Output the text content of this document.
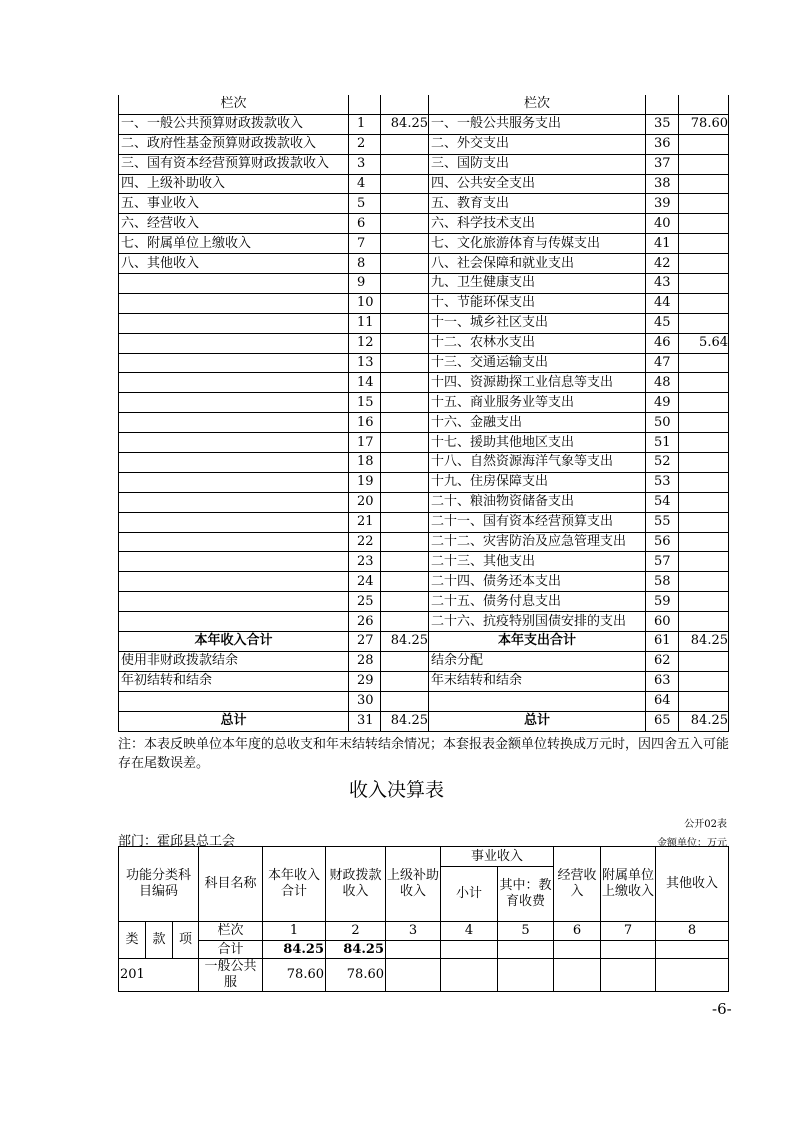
栏次			栏次		
一、一般公共预算财政拨款收入	1	84.25	一、一般公共服务支出	35	78.60
二、政府性基金预算财政拨款收入	2		二、外交支出	36	
三、国有资本经营预算财政拨款收入	3		三、国防支出	37	
四、上级补助收入	4		四、公共安全支出	38	
五、事业收入	5		五、教育支出	39	
六、经营收入	6		六、科学技术支出	40	
七、附属单位上缴收入	7		七、文化旅游体育与传媒支出	41	
八、其他收入	8		八、社会保障和就业支出	42	
	9		九、卫生健康支出	43	
	10		十、节能环保支出	44	
	11		十一、城乡社区支出	45	
	12		十二、农林水支出	46	5.64
	13		十三、交通运输支出	47	
	14		十四、资源勘探工业信息等支出	48	
	15		十五、商业服务业等支出	49	
	16		十六、金融支出	50	
	17		十七、援助其他地区支出	51	
	18		十八、自然资源海洋气象等支出	52	
	19		十九、住房保障支出	53	
	20		二十、粮油物资储备支出	54	
	21		二十一、国有资本经营预算支出	55	
	22		二十二、灾害防治及应急管理支出	56	
	23		二十三、其他支出	57	
	24		二十四、债务还本支出	58	
	25		二十五、债务付息支出	59	
	26		二十六、抗疫特别国债安排的支出	60	
本年收入合计	27	84.25	本年支出合计	61	84.25
使用非财政拨款结余	28		结余分配	62	
年初结转和结余	29		年末结转和结余	63	
	30			64	
总计	31	84.25	总计	65	84.25
注：本表反映单位本年度的总收支和年末结转结余情况；本套报表金额单位转换成万元时，因四舍五入可能存在尾数误差。
收入决算表
公开02表
部门：霍邱县总工会	金额单位：万元
功能分类科目编码			科目名称	本年收入合计	财政拨款收入	上级补助收入	事业收入		经营收入	附属单位上缴收入	其他收入
							小计	其中：教育收费			
类	款	项	栏次	1	2	3	4	5	6	7	8
			合计	84.25	84.25						
201			一般公共服	78.60	78.60						
-6-
